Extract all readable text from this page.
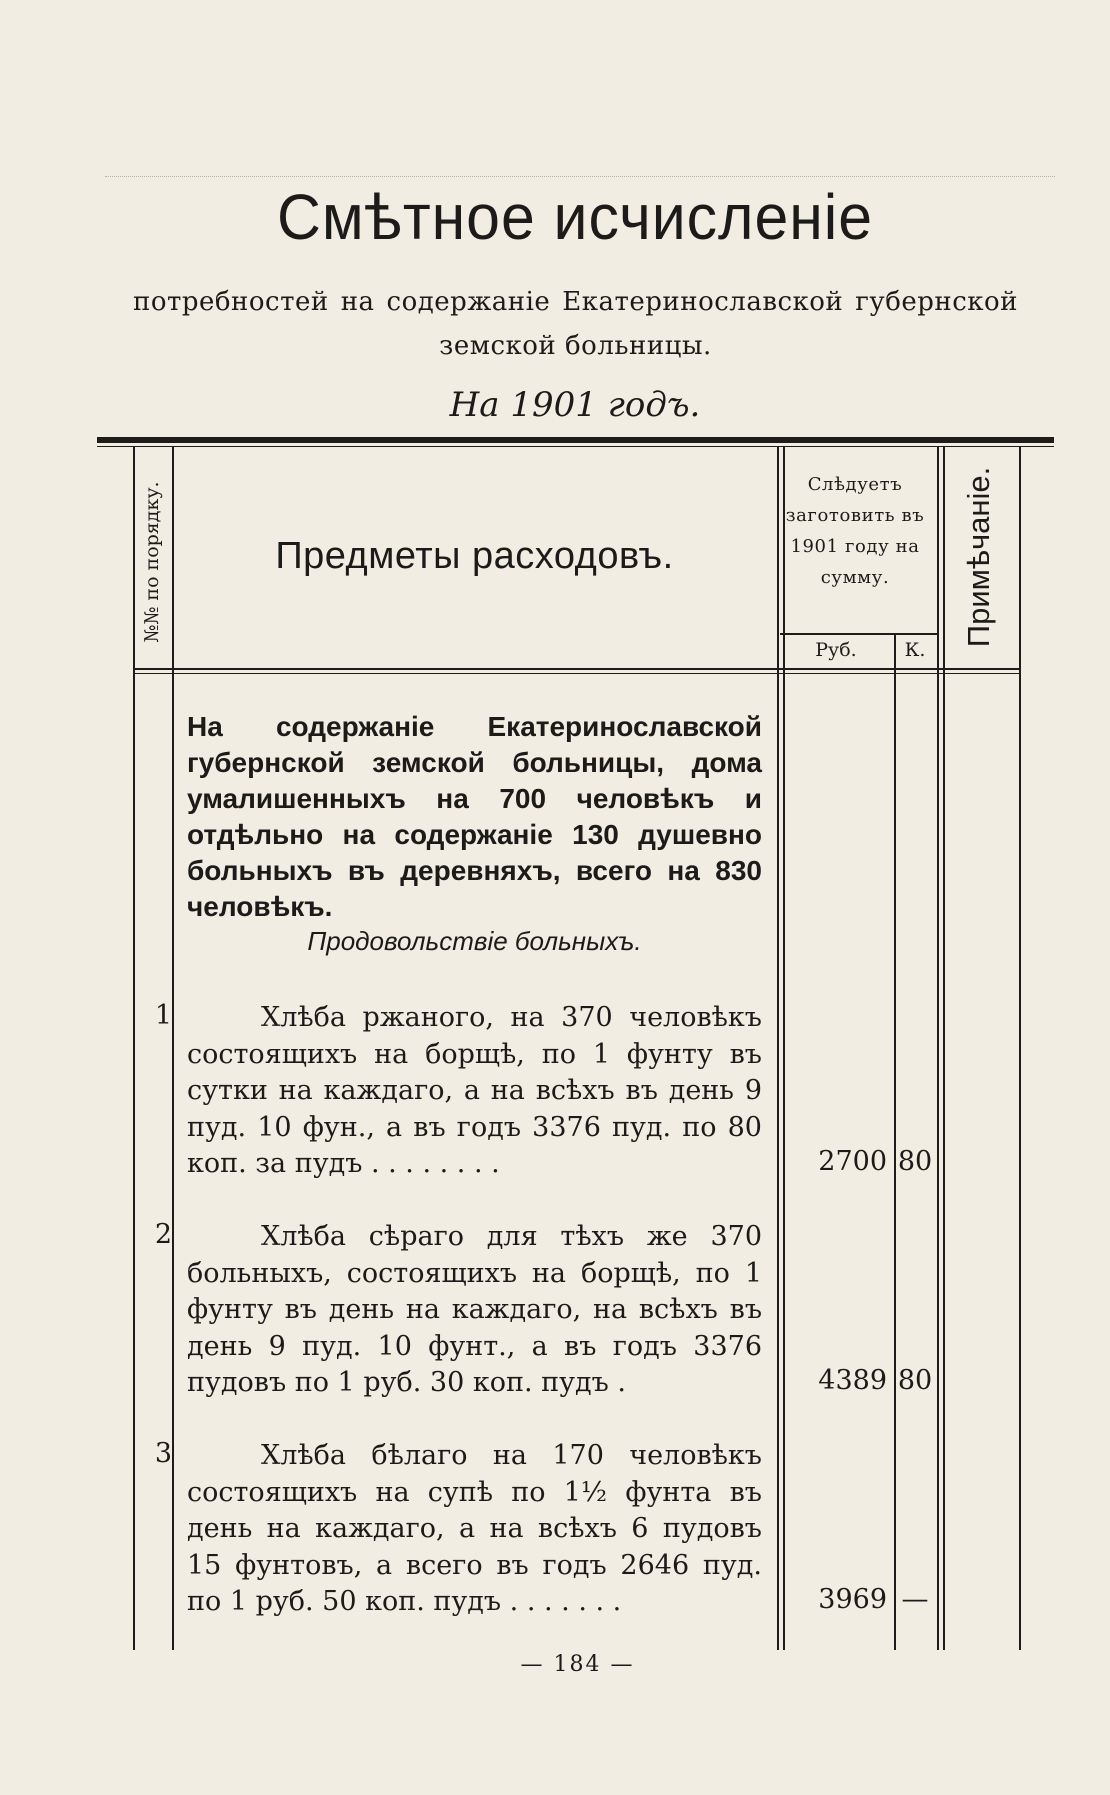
Смѣтное исчисленіе
потребностей на содержаніе Екатеринославской губернской земской больницы.
На 1901 годъ.
№№ по порядку.	Предметы расходовъ.
Слѣдуетъ заготовить въ 1901 году на сумму.
Руб.	К.
Примѣчаніе.
На содержаніе Екатеринославской губернской земской больницы, дома умалишенныхъ на 700 человѣкъ и отдѣльно на содержаніе 130 душевно больныхъ въ деревняхъ, всего на 830 человѣкъ.
Продовольствіе больныхъ.
1	Хлѣба ржаного, на 370 человѣкъ состоящихъ на борщѣ, по 1 фунту въ сутки на каждаго, а на всѣхъ въ день 9 пуд. 10 фун., а въ годъ 3376 пуд. по 80 коп. за пудъ . . . . . . . .	2700 80
2	Хлѣба сѣраго для тѣхъ же 370 больныхъ, состоящихъ на борщѣ, по 1 фунту въ день на каждаго, на всѣхъ въ день 9 пуд. 10 фунт., а въ годъ 3376 пудовъ по 1 руб. 30 коп. пудъ .	4389 80
3	Хлѣба бѣлаго на 170 человѣкъ состоящихъ на супѣ по 1½ фунта въ день на каждаго, а на всѣхъ 6 пудовъ 15 фунтовъ, а всего въ годъ 2646 пуд. по 1 руб. 50 коп. пудъ . . . . . . .	3969 —
— 184 —
